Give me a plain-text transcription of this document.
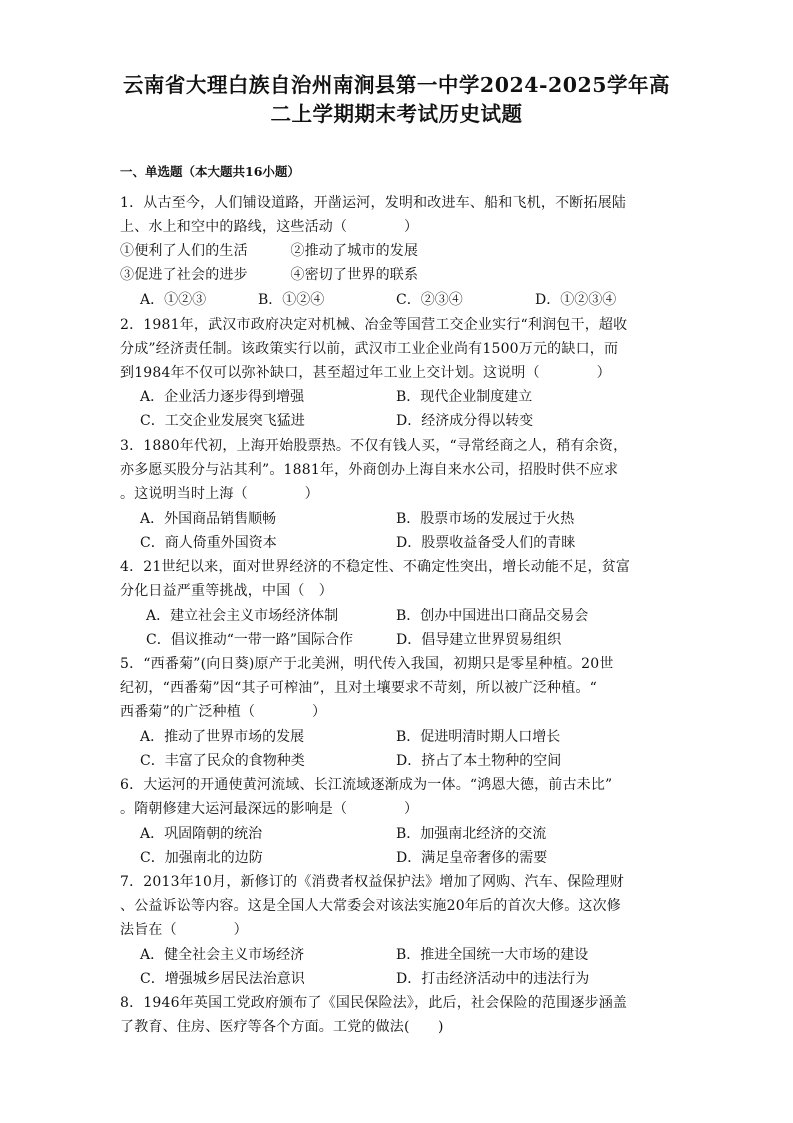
云南省大理白族自治州南涧县第一中学2024-2025学年高
二上学期期末考试历史试题
一、单选题（本大题共16小题）
1．从古至今，人们铺设道路，开凿运河，发明和改进车、船和飞机，不断拓展陆
上、水上和空中的路线，这些活动（　　　　）
①便利了人们的生活　　　②推动了城市的发展
③促进了社会的进步　　　④密切了世界的联系
A．①②③	B．①②④	C．②③④	D．①②③④
2．1981年，武汉市政府决定对机械、冶金等国营工交企业实行“利润包干，超收
分成”经济责任制。该政策实行以前，武汉市工业企业尚有1500万元的缺口，而
到1984年不仅可以弥补缺口，甚至超过年工业上交计划。这说明（　　　　）
A．企业活力逐步得到增强	B．现代企业制度建立
C．工交企业发展突飞猛进	D．经济成分得以转变
3．1880年代初，上海开始股票热。不仅有钱人买，“寻常经商之人，稍有余资，
亦多愿买股分与沾其利”。1881年，外商创办上海自来水公司，招股时供不应求
。这说明当时上海（　　　　）
A．外国商品销售顺畅	B．股票市场的发展过于火热
C．商人倚重外国资本	D．股票收益备受人们的青睐
4．21世纪以来，面对世界经济的不稳定性、不确定性突出，增长动能不足，贫富
分化日益严重等挑战，中国（　）
A．建立社会主义市场经济体制	B．创办中国进出口商品交易会
C．倡议推动“一带一路”国际合作	D．倡导建立世界贸易组织
5．“西番菊”(向日葵)原产于北美洲，明代传入我国，初期只是零星种植。20世
纪初，“西番菊”因“其子可榨油”，且对土壤要求不苛刻，所以被广泛种植。“
西番菊”的广泛种植（　　　　）
A．推动了世界市场的发展	B．促进明清时期人口增长
C．丰富了民众的食物种类	D．挤占了本土物种的空间
6．大运河的开通使黄河流域、长江流域逐渐成为一体。“鸿恩大德，前古未比”
。隋朝修建大运河最深远的影响是（　　　　）
A．巩固隋朝的统治	B．加强南北经济的交流
C．加强南北的边防	D．满足皇帝奢侈的需要
7．2013年10月，新修订的《消费者权益保护法》增加了网购、汽车、保险理财
、公益诉讼等内容。这是全国人大常委会对该法实施20年后的首次大修。这次修
法旨在（　　　　）
A．健全社会主义市场经济	B．推进全国统一大市场的建设
C．增强城乡居民法治意识	D．打击经济活动中的违法行为
8．1946年英国工党政府颁布了《国民保险法》，此后，社会保险的范围逐步涵盖
了教育、住房、医疗等各个方面。工党的做法(　　)
